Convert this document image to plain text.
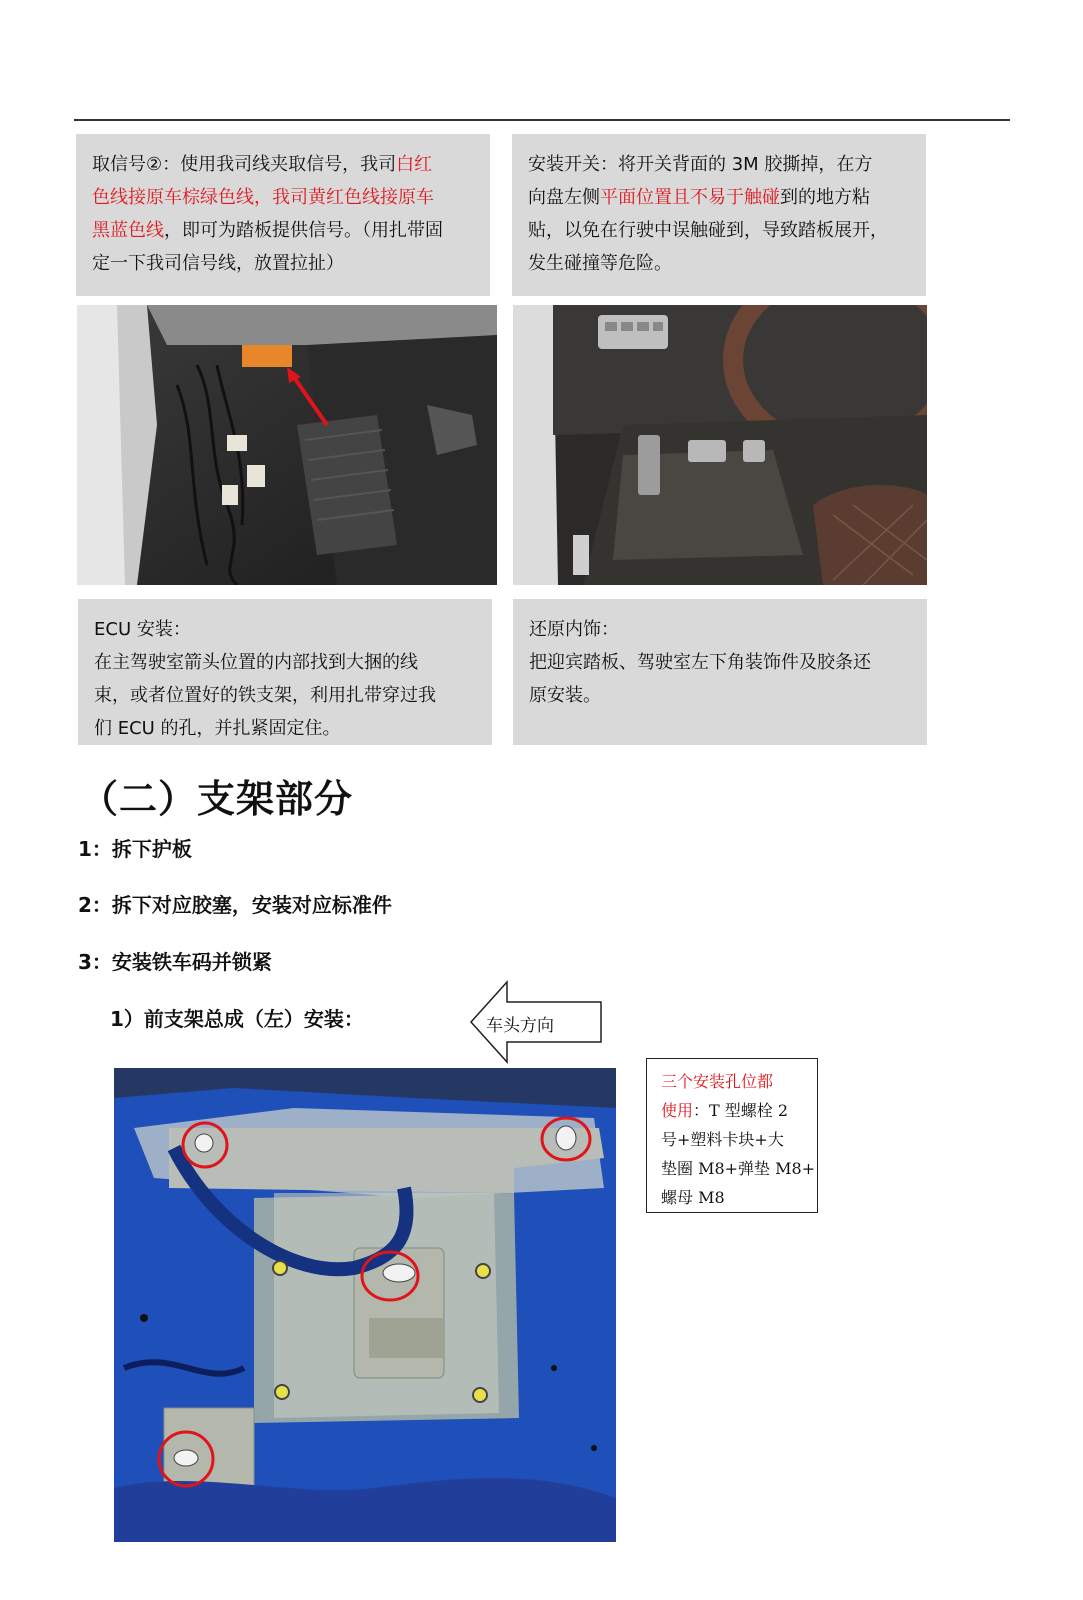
取信号②：使用我司线夹取信号，我司白红
色线接原车棕绿色线，我司黄红色线接原车
黑蓝色线，即可为踏板提供信号。（用扎带固
定一下我司信号线，放置拉扯）
安装开关：将开关背面的 3M 胶撕掉，在方
向盘左侧平面位置且不易于触碰到的地方粘
贴，以免在行驶中误触碰到，导致踏板展开，
发生碰撞等危险。
ECU 安装：
在主驾驶室箭头位置的内部找到大捆的线
束，或者位置好的铁支架，利用扎带穿过我
们 ECU 的孔，并扎紧固定住。
还原内饰：
把迎宾踏板、驾驶室左下角装饰件及胶条还
原安装。
（二）支架部分
1：拆下护板
2：拆下对应胶塞，安装对应标准件
3：安装铁车码并锁紧
1）前支架总成（左）安装：	车头方向
三个安装孔位都
使用：T 型螺栓 2
号+塑料卡块+大
垫圈 M8+弹垫 M8+
螺母 M8
